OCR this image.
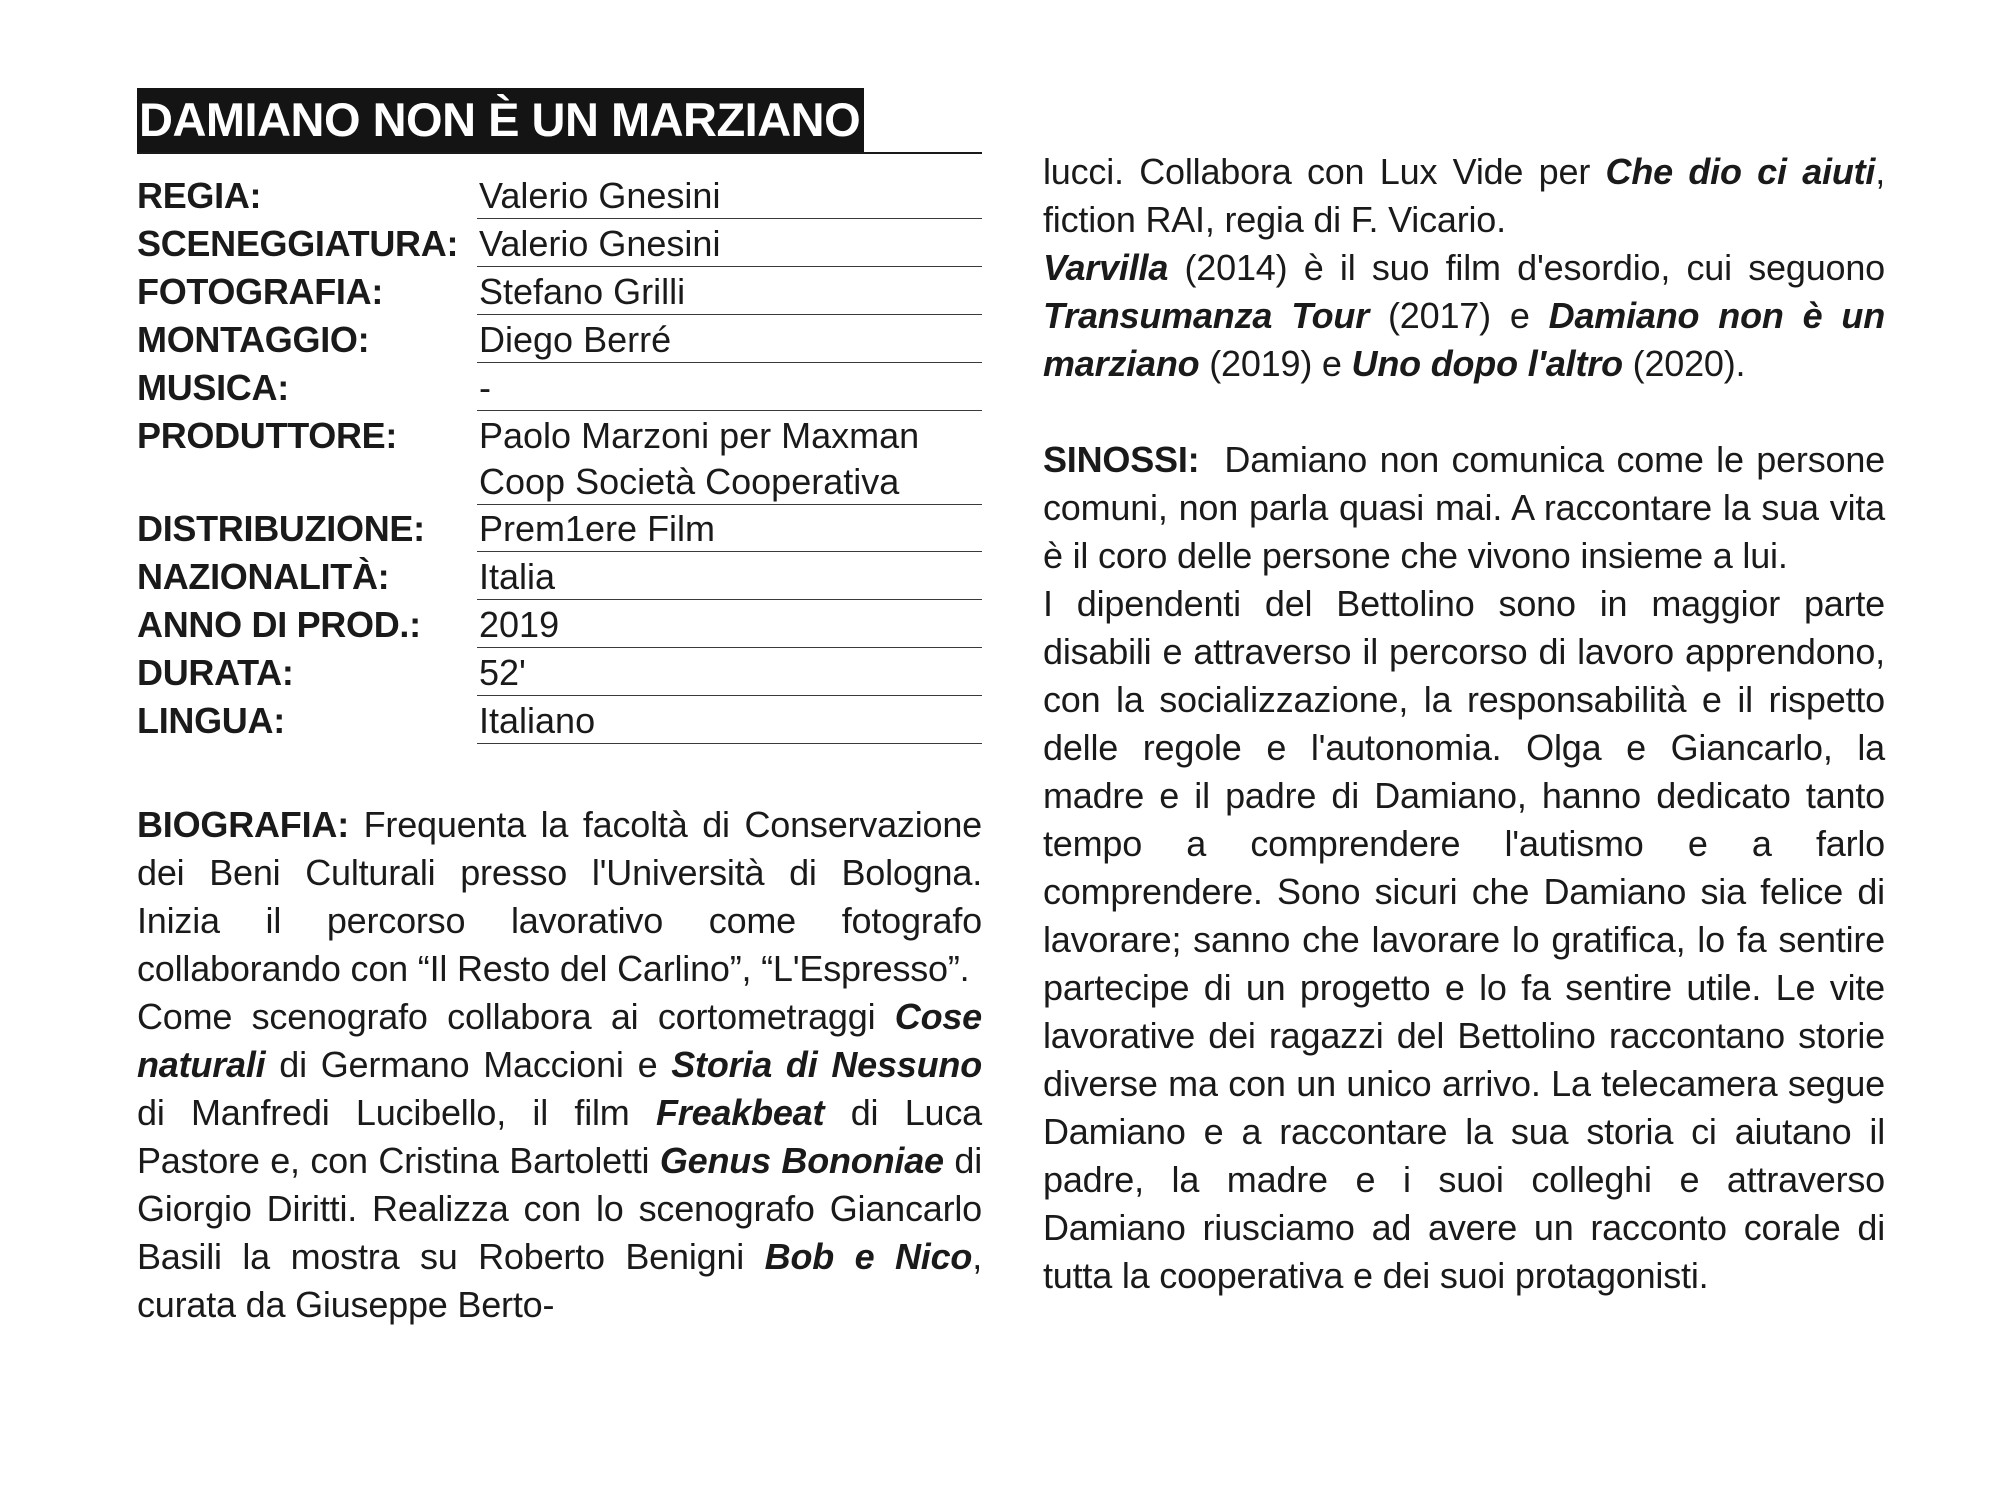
DAMIANO NON È UN MARZIANO
REGIA:	Valerio Gnesini
SCENEGGIATURA: Valerio Gnesini
FOTOGRAFIA:	Stefano Grilli
MONTAGGIO:	Diego Berré
MUSICA:	-
PRODUTTORE:	Paolo Marzoni per Maxman
Coop Società Cooperativa
DISTRIBUZIONE:	Prem1ere Film
NAZIONALITÀ:	Italia
ANNO DI PROD.:	2019
DURATA:	52'
LINGUA:	Italiano

BIOGRAFIA: Frequenta la facoltà di Conservazione dei Beni Culturali presso l'Università di Bologna. Inizia il percorso lavorativo come fotografo collaborando con “Il Resto del Carlino”, “L'Espresso”.

Come scenografo collabora ai cortometraggi Cose naturali di Germano Maccioni e Storia di Nessuno di Manfredi Lucibello, il film Freakbeat di Luca Pastore e, con Cristina Bartoletti Genus Bononiae di Giorgio Diritti. Realizza con lo scenografo Giancarlo Basili la mostra su Roberto Benigni Bob e Nico, curata da Giuseppe Berto-

lucci. Collabora con Lux Vide per Che dio ci aiuti, fiction RAI, regia di F. Vicario.

Varvilla (2014) è il suo film d'esordio, cui seguono Transumanza Tour (2017) e Damiano non è un marziano (2019) e Uno dopo l'altro (2020).

SINOSSI:  Damiano non comunica come le persone comuni, non parla quasi mai. A raccontare la sua vita è il coro delle persone che vivono insieme a lui.

I dipendenti del Bettolino sono in maggior parte disabili e attraverso il percorso di lavoro apprendono, con la socializzazione, la responsabilità e il rispetto delle regole e l'autonomia. Olga e Giancarlo, la madre e il padre di Damiano, hanno dedicato tanto tempo a comprendere l'autismo e a farlo comprendere. Sono sicuri che Damiano sia felice di lavorare; sanno che lavorare lo gratifica, lo fa sentire partecipe di un progetto e lo fa sentire utile. Le vite lavorative dei ragazzi del Bettolino raccontano storie diverse ma con un unico arrivo. La telecamera segue Damiano e a raccontare la sua storia ci aiutano il padre, la madre e i suoi colleghi e attraverso Damiano riusciamo ad avere un racconto corale di tutta la cooperativa e dei suoi protagonisti.
